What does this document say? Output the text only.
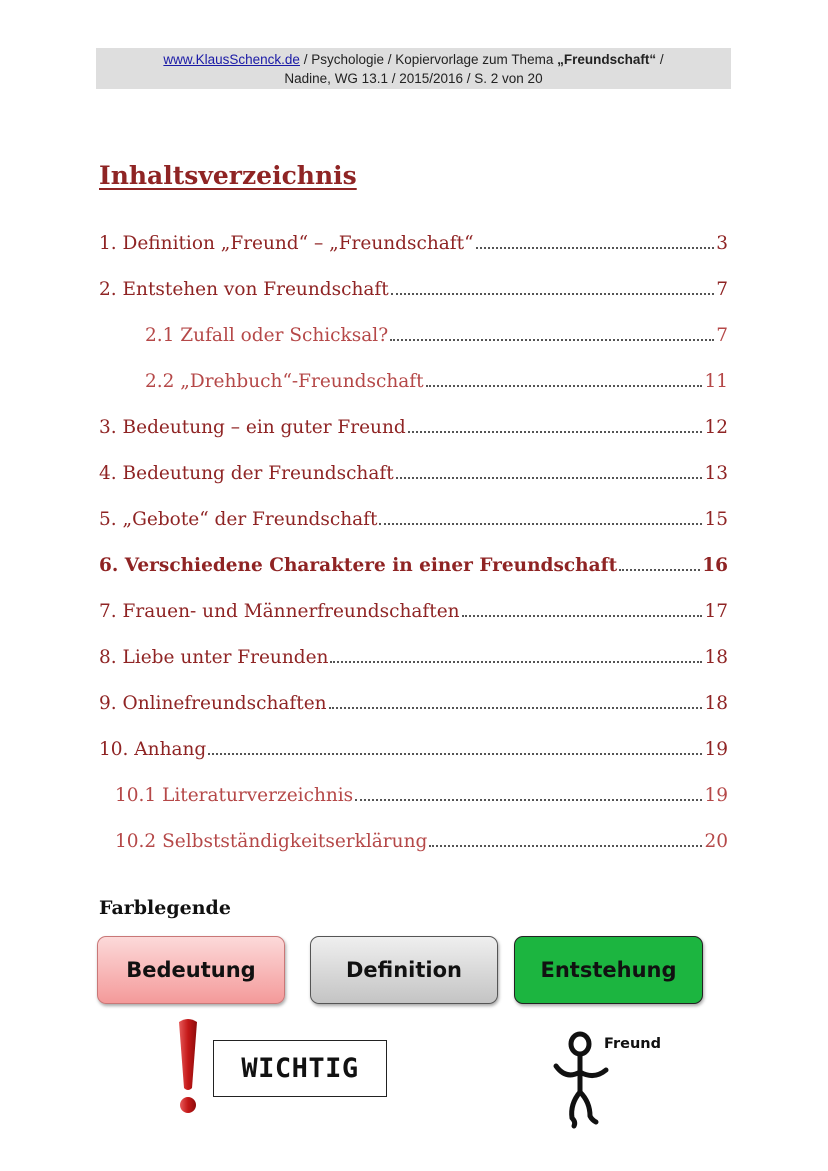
www.KlausSchenck.de / Psychologie / Kopiervorlage zum Thema „Freundschaft“ /
Nadine, WG 13.1 / 2015/2016 / S. 2 von 20
Inhaltsverzeichnis
1. Definition „Freund“ – „Freundschaft“	3
2. Entstehen von Freundschaft	7
2.1 Zufall oder Schicksal?	7
2.2 „Drehbuch“-Freundschaft	11
3. Bedeutung – ein guter Freund	12
4. Bedeutung der Freundschaft	13
5. „Gebote“ der Freundschaft	15
6. Verschiedene Charaktere in einer Freundschaft	16
7. Frauen- und Männerfreundschaften	17
8. Liebe unter Freunden	18
9. Onlinefreundschaften	18
10. Anhang	19
10.1 Literaturverzeichnis	19
10.2 Selbstständigkeitserklärung	20
Farblegende
Bedeutung	Definition	Entstehung
WICHTIG
Freund
